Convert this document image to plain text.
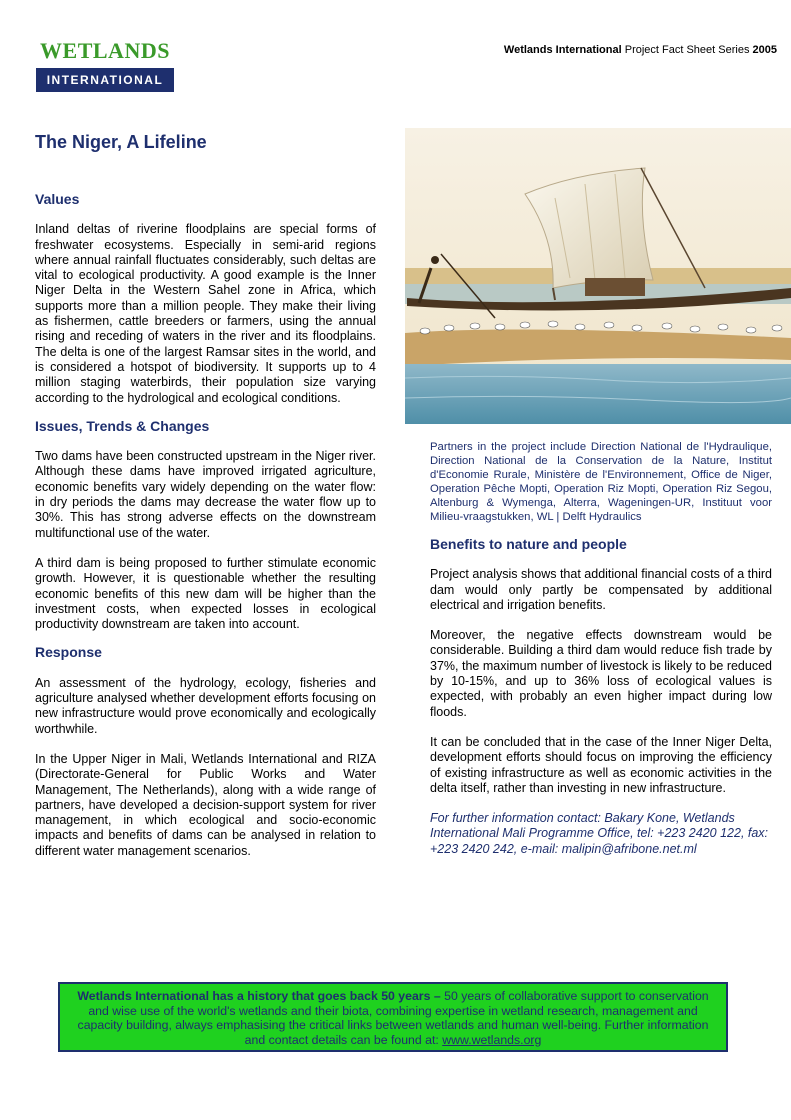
WETLANDS
INTERNATIONAL
Wetlands International Project Fact Sheet Series 2005
The Niger, A Lifeline
Values

Inland deltas of riverine floodplains are special forms of freshwater ecosystems. Especially in semi-arid regions where annual rainfall fluctuates considerably, such deltas are vital to ecological productivity. A good example is the Inner Niger Delta in the Western Sahel zone in Africa, which supports more than a million people. They make their living as fishermen, cattle breeders or farmers, using the annual rising and receding of waters in the river and its floodplains. The delta is one of the largest Ramsar sites in the world, and is considered a hotspot of biodiversity. It supports up to 4 million staging waterbirds, their population size varying according to the hydrological and ecological conditions.

Issues, Trends & Changes

Two dams have been constructed upstream in the Niger river. Although these dams have improved irrigated agriculture, economic benefits vary widely depending on the water flow: in dry periods the dams may decrease the water flow up to 30%. This has strong adverse effects on the downstream multifunctional use of the water.

A third dam is being proposed to further stimulate economic growth. However, it is questionable whether the resulting economic benefits of this new dam will be higher than the investment costs, when expected losses in ecological productivity downstream are taken into account.

Response

An assessment of the hydrology, ecology, fisheries and agriculture analysed whether development efforts focusing on new infrastructure would prove economically and ecologically worthwhile.

In the Upper Niger in Mali, Wetlands International and RIZA (Directorate-General for Public Works and Water Management, The Netherlands), along with a wide range of partners, have developed a decision-support system for river management, in which ecological and socio-economic impacts and benefits of dams can be analysed in relation to different water management scenarios.

Partners in the project include Direction National de l'Hydraulique, Direction National de la Conservation de la Nature, Institut d'Economie Rurale, Ministère de l'Environnement, Office de Niger, Operation Pêche Mopti, Operation Riz Mopti, Operation Riz Segou, Altenburg & Wymenga, Alterra, Wageningen-UR, Instituut voor Milieu-vraagstukken, WL | Delft Hydraulics

Benefits to nature and people

Project analysis shows that additional financial costs of a third dam would only partly be compensated by additional electrical and irrigation benefits.

Moreover, the negative effects downstream would be considerable. Building a third dam would reduce fish trade by 37%, the maximum number of livestock is likely to be reduced by 10-15%, and up to 36% loss of ecological values is expected, with probably an even higher impact during low floods.

It can be concluded that in the case of the Inner Niger Delta, development efforts should focus on improving the efficiency of existing infrastructure as well as economic activities in the delta itself, rather than investing in new infrastructure.

For further information contact: Bakary Kone, Wetlands International Mali Programme Office, tel: +223 2420 122, fax: +223 2420 242, e-mail: malipin@afribone.net.ml

Wetlands International has a history that goes back 50 years – 50 years of collaborative support to conservation and wise use of the world's wetlands and their biota, combining expertise in wetland research, management and capacity building, always emphasising the critical links between wetlands and human well-being. Further information and contact details can be found at: www.wetlands.org
